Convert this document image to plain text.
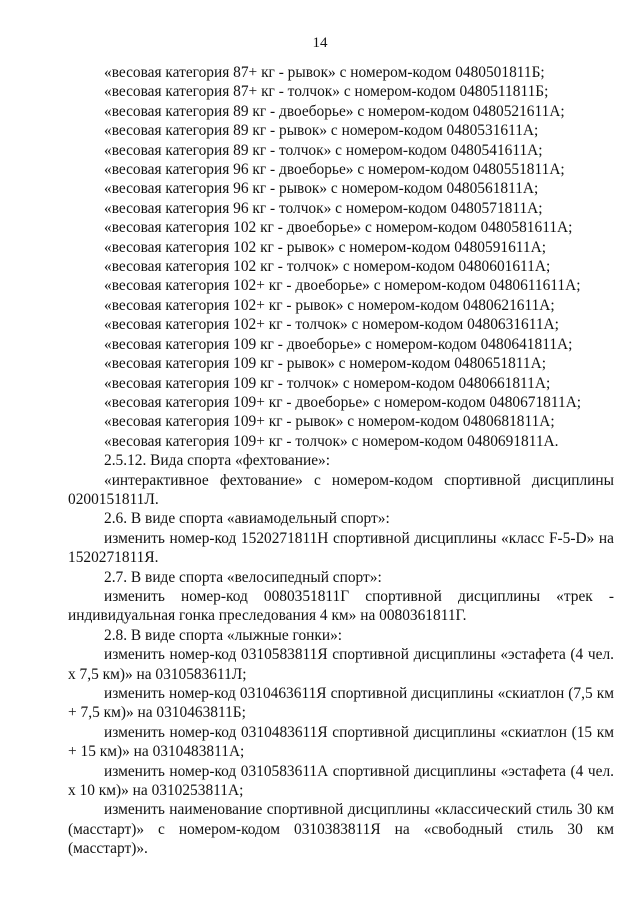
14

«весовая категория 87+ кг - рывок» с номером-кодом 0480501811Б;

«весовая категория 87+ кг - толчок» с номером-кодом 0480511811Б;

«весовая категория 89 кг - двоеборье» с номером-кодом 0480521611А;

«весовая категория 89 кг - рывок» с номером-кодом 0480531611А;

«весовая категория 89 кг - толчок» с номером-кодом 0480541611А;

«весовая категория 96 кг - двоеборье» с номером-кодом 0480551811А;

«весовая категория 96 кг - рывок» с номером-кодом 0480561811А;

«весовая категория 96 кг - толчок» с номером-кодом 0480571811А;

«весовая категория 102 кг - двоеборье» с номером-кодом 0480581611А;

«весовая категория 102 кг - рывок» с номером-кодом 0480591611А;

«весовая категория 102 кг - толчок» с номером-кодом 0480601611А;

«весовая категория 102+ кг - двоеборье» с номером-кодом 0480611611А;

«весовая категория 102+ кг - рывок» с номером-кодом 0480621611А;

«весовая категория 102+ кг - толчок» с номером-кодом 0480631611А;

«весовая категория 109 кг - двоеборье» с номером-кодом 0480641811А;

«весовая категория 109 кг - рывок» с номером-кодом 0480651811А;

«весовая категория 109 кг - толчок» с номером-кодом 0480661811А;

«весовая категория 109+ кг - двоеборье» с номером-кодом 0480671811А;

«весовая категория 109+ кг - рывок» с номером-кодом 0480681811А;

«весовая категория 109+ кг - толчок» с номером-кодом 0480691811А.

2.5.12. Вида спорта «фехтование»:

«интерактивное фехтование» с номером-кодом спортивной дисциплины 0200151811Л.

2.6. В виде спорта «авиамодельный спорт»:

изменить номер-код 1520271811Н спортивной дисциплины «класс F-5-D» на 1520271811Я.

2.7. В виде спорта «велосипедный спорт»:

изменить номер-код 0080351811Г спортивной дисциплины «трек - индивидуальная гонка преследования 4 км» на 0080361811Г.

2.8. В виде спорта «лыжные гонки»:

изменить номер-код 0310583811Я спортивной дисциплины «эстафета (4 чел. х 7,5 км)» на 0310583611Л;

изменить номер-код 0310463611Я спортивной дисциплины «скиатлон (7,5 км + 7,5 км)» на 0310463811Б;

изменить номер-код 0310483611Я спортивной дисциплины «скиатлон (15 км + 15 км)» на 0310483811А;

изменить номер-код 0310583611А спортивной дисциплины «эстафета (4 чел. х 10 км)» на 0310253811А;

изменить наименование спортивной дисциплины «классический стиль 30 км (масстарт)» с номером-кодом 0310383811Я на «свободный стиль 30 км (масстарт)».
